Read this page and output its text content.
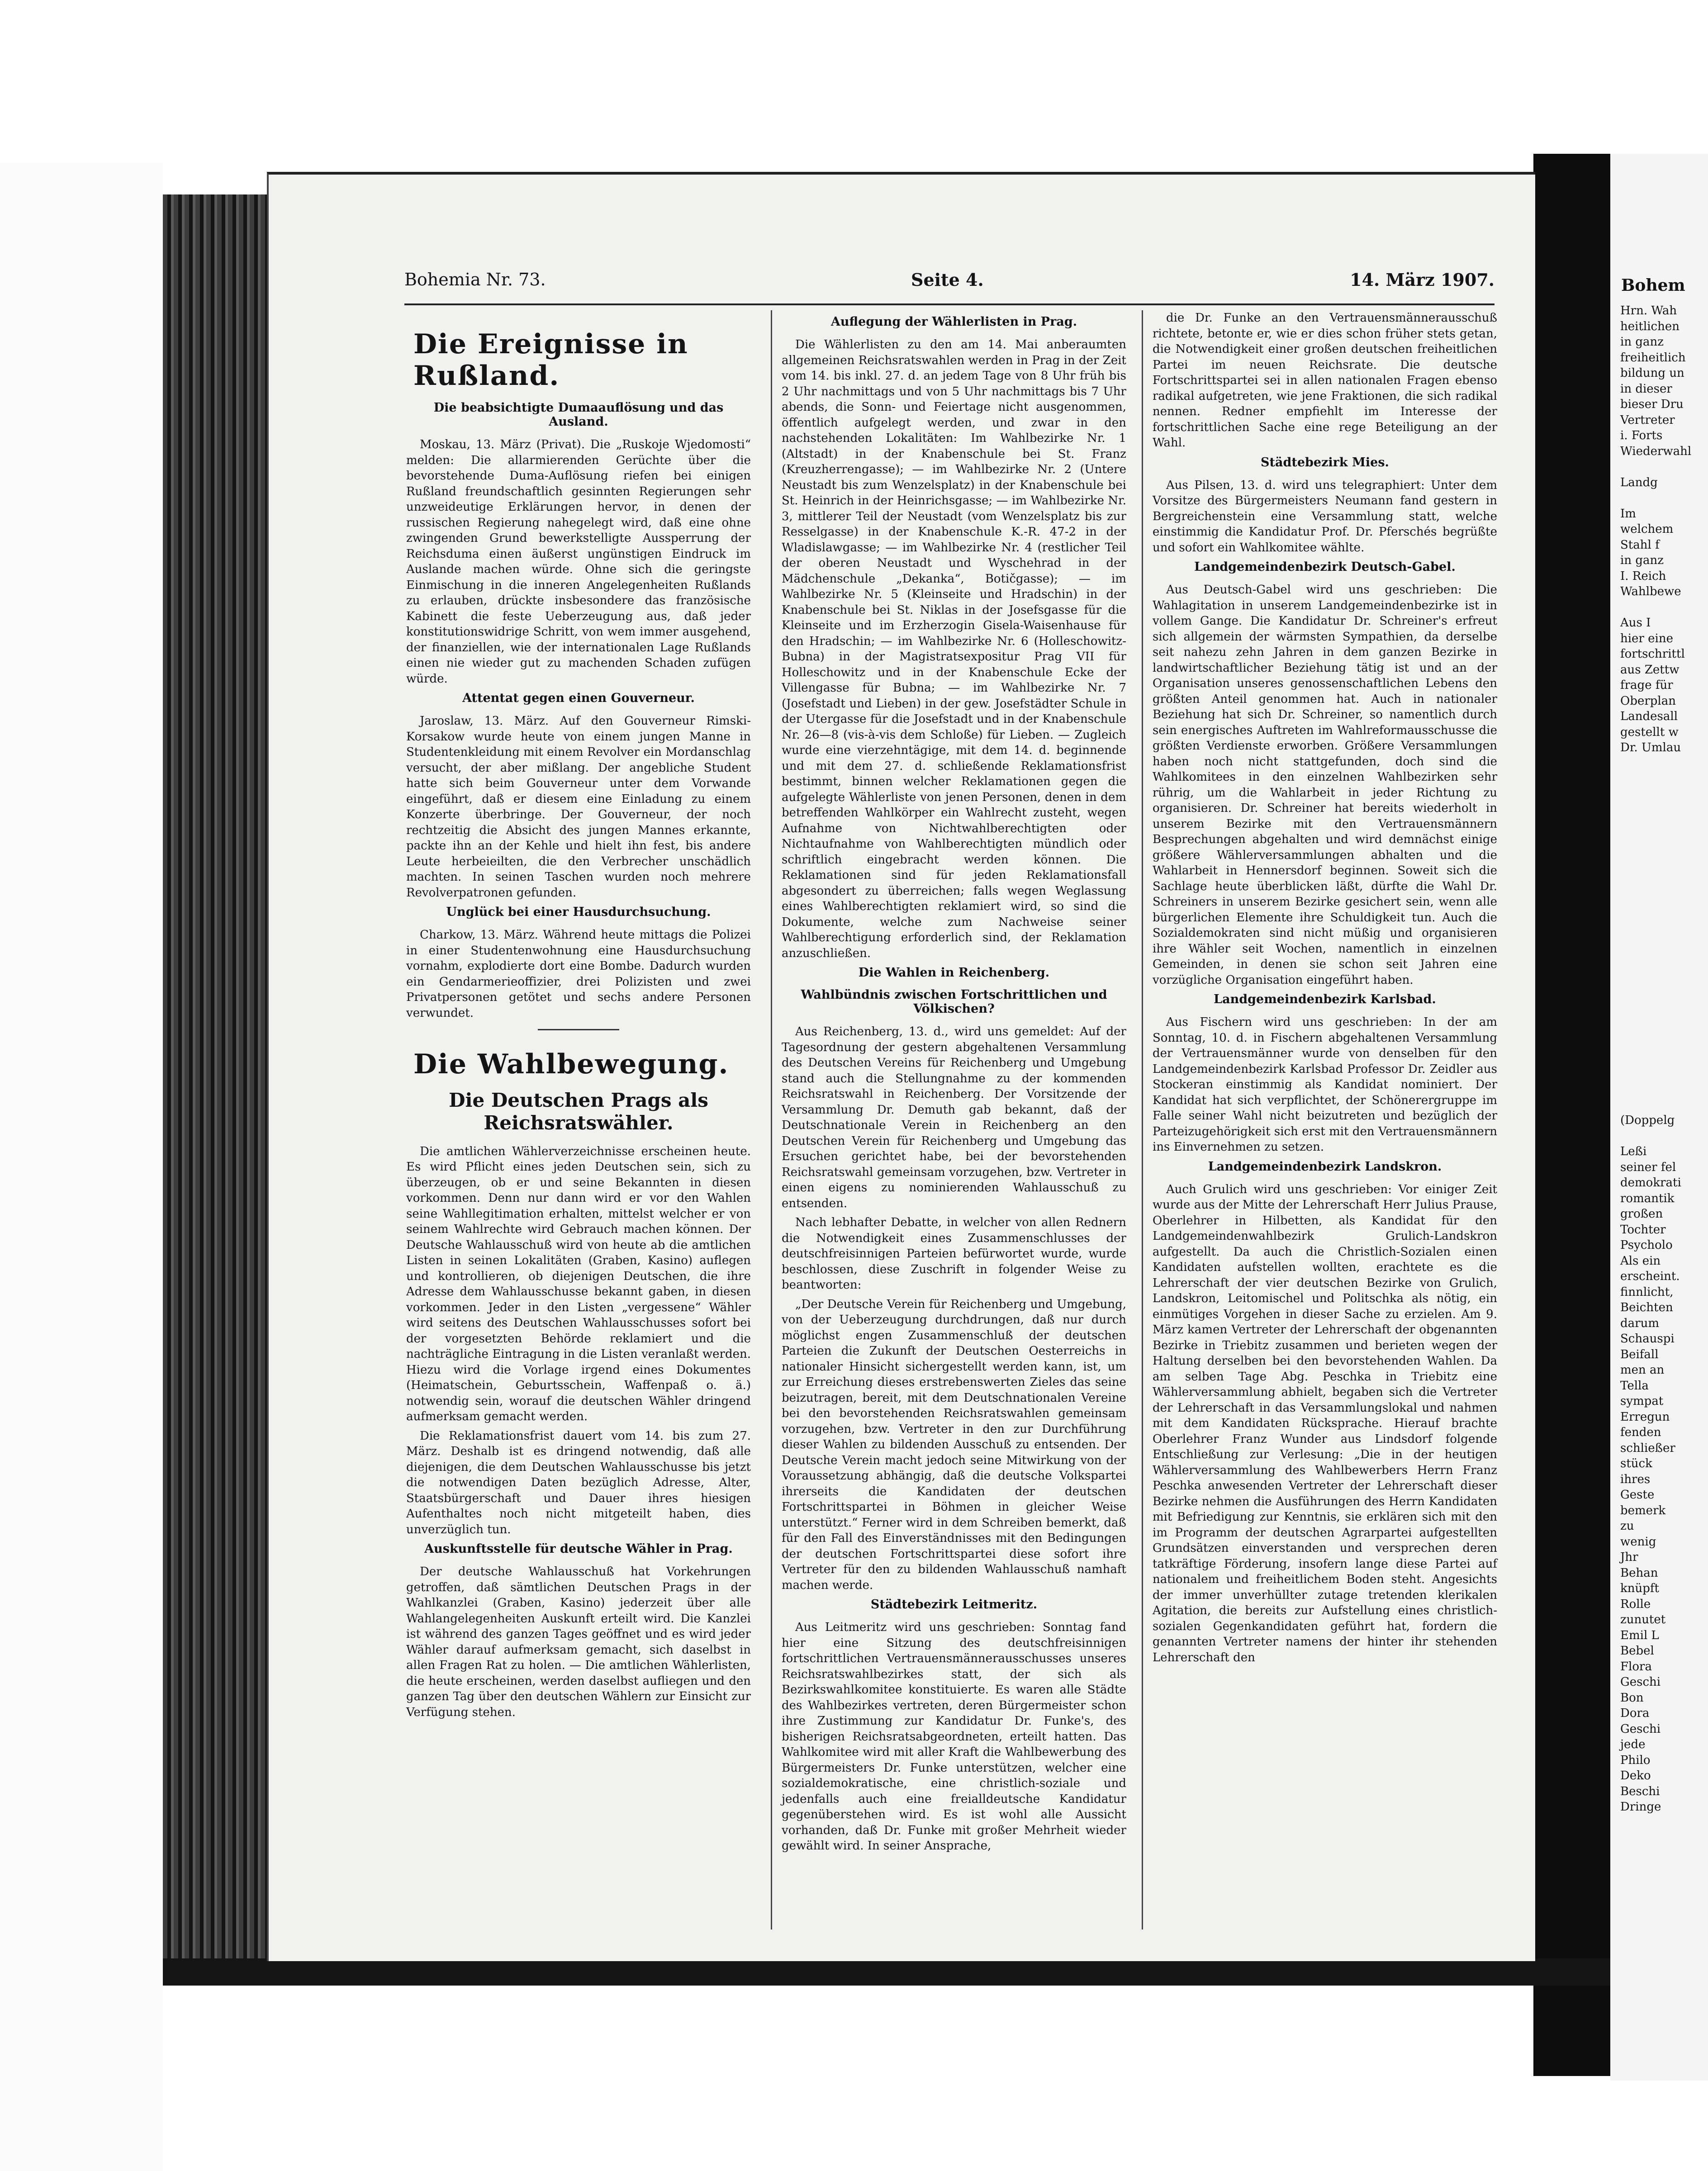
Bohem
Hrn. Wah
heitlichen
in ganz
freiheitlich
bildung un
in dieser
bieser Dru
Vertreter
i. Forts
Wiederwahl

Landg

Im
welchem
Stahl f
in ganz
I. Reich
Wahlbewe

Aus I
hier eine
fortschrittl
aus Zettw
frage für
Oberplan
Landesall
gestellt w
Dr. Umlau
(Doppelg

Leßi
seiner fel
demokrati
romantik
großen
Tochter
Psycholo
Als ein
erscheint.
finnlicht,
Beichten
darum
Schauspi
Beifall
men an
Tella
sympat
Erregun
fenden
schließer
stück
ihres
Geste
bemerk
zu
wenig
Jhr
Behan
knüpft
Rolle
zunutet
Emil L
Bebel
Flora
Geschi
Bon
Dora
Geschi
jede
Philo
Deko
Beschi
Dringe
Bohemia Nr. 73.	Seite 4.	14. März 1907.
Die Ereignisse in Rußland.
Die beabsichtigte Dumaauflösung und das Ausland.

Moskau, 13. März (Privat). Die „Ruskoje Wjedomosti“ melden: Die allarmierenden Gerüchte über die bevorstehende Duma-Auflösung riefen bei einigen Rußland freundschaftlich gesinnten Regierungen sehr unzweideutige Erklärungen hervor, in denen der russischen Regierung nahegelegt wird, daß eine ohne zwingenden Grund bewerkstelligte Aussperrung der Reichsduma einen äußerst ungünstigen Eindruck im Auslande machen würde. Ohne sich die geringste Einmischung in die inneren Angelegenheiten Rußlands zu erlauben, drückte insbesondere das französische Kabinett die feste Ueberzeugung aus, daß jeder konstitutionswidrige Schritt, von wem immer ausgehend, der finanziellen, wie der internationalen Lage Rußlands einen nie wieder gut zu machenden Schaden zufügen würde.

Attentat gegen einen Gouverneur.

Jaroslaw, 13. März. Auf den Gouverneur Rimski-Korsakow wurde heute von einem jungen Manne in Studentenkleidung mit einem Revolver ein Mordanschlag versucht, der aber mißlang. Der angebliche Student hatte sich beim Gouverneur unter dem Vorwande eingeführt, daß er diesem eine Einladung zu einem Konzerte überbringe. Der Gouverneur, der noch rechtzeitig die Absicht des jungen Mannes erkannte, packte ihn an der Kehle und hielt ihn fest, bis andere Leute herbeieilten, die den Verbrecher unschädlich machten. In seinen Taschen wurden noch mehrere Revolverpatronen gefunden.

Unglück bei einer Hausdurchsuchung.

Charkow, 13. März. Während heute mittags die Polizei in einer Studentenwohnung eine Hausdurchsuchung vornahm, explodierte dort eine Bombe. Dadurch wurden ein Gendarmerieoffizier, drei Polizisten und zwei Privatpersonen getötet und sechs andere Personen verwundet.

Die Wahlbewegung.
Die Deutschen Prags als Reichsratswähler.

Die amtlichen Wählerverzeichnisse erscheinen heute. Es wird Pflicht eines jeden Deutschen sein, sich zu überzeugen, ob er und seine Bekannten in diesen vorkommen. Denn nur dann wird er vor den Wahlen seine Wahllegitimation erhalten, mittelst welcher er von seinem Wahlrechte wird Gebrauch machen können. Der Deutsche Wahlausschuß wird von heute ab die amtlichen Listen in seinen Lokalitäten (Graben, Kasino) auflegen und kontrollieren, ob diejenigen Deutschen, die ihre Adresse dem Wahlausschusse bekannt gaben, in diesen vorkommen. Jeder in den Listen „vergessene“ Wähler wird seitens des Deutschen Wahlausschusses sofort bei der vorgesetzten Behörde reklamiert und die nachträgliche Eintragung in die Listen veranlaßt werden. Hiezu wird die Vorlage irgend eines Dokumentes (Heimatschein, Geburtsschein, Waffenpaß o. ä.) notwendig sein, worauf die deutschen Wähler dringend aufmerksam gemacht werden.

Die Reklamationsfrist dauert vom 14. bis zum 27. März. Deshalb ist es dringend notwendig, daß alle diejenigen, die dem Deutschen Wahlausschusse bis jetzt die notwendigen Daten bezüglich Adresse, Alter, Staatsbürgerschaft und Dauer ihres hiesigen Aufenthaltes noch nicht mitgeteilt haben, dies unverzüglich tun.

Auskunftsstelle für deutsche Wähler in Prag.

Der deutsche Wahlausschuß hat Vorkehrungen getroffen, daß sämtlichen Deutschen Prags in der Wahlkanzlei (Graben, Kasino) jederzeit über alle Wahlangelegenheiten Auskunft erteilt wird. Die Kanzlei ist während des ganzen Tages geöffnet und es wird jeder Wähler darauf aufmerksam gemacht, sich daselbst in allen Fragen Rat zu holen. — Die amtlichen Wählerlisten, die heute erscheinen, werden daselbst aufliegen und den ganzen Tag über den deutschen Wählern zur Einsicht zur Verfügung stehen.

Auflegung der Wählerlisten in Prag.

Die Wählerlisten zu den am 14. Mai anberaumten allgemeinen Reichsratswahlen werden in Prag in der Zeit vom 14. bis inkl. 27. d. an jedem Tage von 8 Uhr früh bis 2 Uhr nachmittags und von 5 Uhr nachmittags bis 7 Uhr abends, die Sonn- und Feiertage nicht ausgenommen, öffentlich aufgelegt werden, und zwar in den nachstehenden Lokalitäten: Im Wahlbezirke Nr. 1 (Altstadt) in der Knabenschule bei St. Franz (Kreuzherrengasse); — im Wahlbezirke Nr. 2 (Untere Neustadt bis zum Wenzelsplatz) in der Knabenschule bei St. Heinrich in der Heinrichsgasse; — im Wahlbezirke Nr. 3, mittlerer Teil der Neustadt (vom Wenzelsplatz bis zur Resselgasse) in der Knabenschule K.-R. 47-2 in der Wladislawgasse; — im Wahlbezirke Nr. 4 (restlicher Teil der oberen Neustadt und Wyschehrad in der Mädchenschule „Dekanka“, Botičgasse); — im Wahlbezirke Nr. 5 (Kleinseite und Hradschin) in der Knabenschule bei St. Niklas in der Josefsgasse für die Kleinseite und im Erzherzogin Gisela-Waisenhause für den Hradschin; — im Wahlbezirke Nr. 6 (Holleschowitz-Bubna) in der Magistratsexpositur Prag VII für Holleschowitz und in der Knabenschule Ecke der Villengasse für Bubna; — im Wahlbezirke Nr. 7 (Josefstadt und Lieben) in der gew. Josefstädter Schule in der Utergasse für die Josefstadt und in der Knabenschule Nr. 26—8 (vis-à-vis dem Schloße) für Lieben. — Zugleich wurde eine vierzehntägige, mit dem 14. d. beginnende und mit dem 27. d. schließende Reklamationsfrist bestimmt, binnen welcher Reklamationen gegen die aufgelegte Wählerliste von jenen Personen, denen in dem betreffenden Wahlkörper ein Wahlrecht zusteht, wegen Aufnahme von Nichtwahlberechtigten oder Nichtaufnahme von Wahlberechtigten mündlich oder schriftlich eingebracht werden können. Die Reklamationen sind für jeden Reklamationsfall abgesondert zu überreichen; falls wegen Weglassung eines Wahlberechtigten reklamiert wird, so sind die Dokumente, welche zum Nachweise seiner Wahlberechtigung erforderlich sind, der Reklamation anzuschließen.

Die Wahlen in Reichenberg.
Wahlbündnis zwischen Fortschrittlichen und Völkischen?

Aus Reichenberg, 13. d., wird uns gemeldet: Auf der Tagesordnung der gestern abgehaltenen Versammlung des Deutschen Vereins für Reichenberg und Umgebung stand auch die Stellungnahme zu der kommenden Reichsratswahl in Reichenberg. Der Vorsitzende der Versammlung Dr. Demuth gab bekannt, daß der Deutschnationale Verein in Reichenberg an den Deutschen Verein für Reichenberg und Umgebung das Ersuchen gerichtet habe, bei der bevorstehenden Reichsratswahl gemeinsam vorzugehen, bzw. Vertreter in einen eigens zu nominierenden Wahlausschuß zu entsenden.

Nach lebhafter Debatte, in welcher von allen Rednern die Notwendigkeit eines Zusammenschlusses der deutschfreisinnigen Parteien befürwortet wurde, wurde beschlossen, diese Zuschrift in folgender Weise zu beantworten:

„Der Deutsche Verein für Reichenberg und Umgebung, von der Ueberzeugung durchdrungen, daß nur durch möglichst engen Zusammenschluß der deutschen Parteien die Zukunft der Deutschen Oesterreichs in nationaler Hinsicht sichergestellt werden kann, ist, um zur Erreichung dieses erstrebenswerten Zieles das seine beizutragen, bereit, mit dem Deutschnationalen Vereine bei den bevorstehenden Reichsratswahlen gemeinsam vorzugehen, bzw. Vertreter in den zur Durchführung dieser Wahlen zu bildenden Ausschuß zu entsenden. Der Deutsche Verein macht jedoch seine Mitwirkung von der Voraussetzung abhängig, daß die deutsche Volkspartei ihrerseits die Kandidaten der deutschen Fortschrittspartei in Böhmen in gleicher Weise unterstützt.“ Ferner wird in dem Schreiben bemerkt, daß für den Fall des Einverständnisses mit den Bedingungen der deutschen Fortschrittspartei diese sofort ihre Vertreter für den zu bildenden Wahlausschuß namhaft machen werde.

Städtebezirk Leitmeritz.

Aus Leitmeritz wird uns geschrieben: Sonntag fand hier eine Sitzung des deutschfreisinnigen fortschrittlichen Vertrauensmännerausschusses unseres Reichsratswahlbezirkes statt, der sich als Bezirkswahlkomitee konstituierte. Es waren alle Städte des Wahlbezirkes vertreten, deren Bürgermeister schon ihre Zustimmung zur Kandidatur Dr. Funke's, des bisherigen Reichsratsabgeordneten, erteilt hatten. Das Wahlkomitee wird mit aller Kraft die Wahlbewerbung des Bürgermeisters Dr. Funke unterstützen, welcher eine sozialdemokratische, eine christlich-soziale und jedenfalls auch eine freialldeutsche Kandidatur gegenüberstehen wird. Es ist wohl alle Aussicht vorhanden, daß Dr. Funke mit großer Mehrheit wieder gewählt wird. In seiner Ansprache,

die Dr. Funke an den Vertrauensmännerausschuß richtete, betonte er, wie er dies schon früher stets getan, die Notwendigkeit einer großen deutschen freiheitlichen Partei im neuen Reichsrate. Die deutsche Fortschrittspartei sei in allen nationalen Fragen ebenso radikal aufgetreten, wie jene Fraktionen, die sich radikal nennen. Redner empfiehlt im Interesse der fortschrittlichen Sache eine rege Beteiligung an der Wahl.

Städtebezirk Mies.

Aus Pilsen, 13. d. wird uns telegraphiert: Unter dem Vorsitze des Bürgermeisters Neumann fand gestern in Bergreichenstein eine Versammlung statt, welche einstimmig die Kandidatur Prof. Dr. Pferschés begrüßte und sofort ein Wahlkomitee wählte.

Landgemeindenbezirk Deutsch-Gabel.

Aus Deutsch-Gabel wird uns geschrieben: Die Wahlagitation in unserem Landgemeindenbezirke ist in vollem Gange. Die Kandidatur Dr. Schreiner's erfreut sich allgemein der wärmsten Sympathien, da derselbe seit nahezu zehn Jahren in dem ganzen Bezirke in landwirtschaftlicher Beziehung tätig ist und an der Organisation unseres genossenschaftlichen Lebens den größten Anteil genommen hat. Auch in nationaler Beziehung hat sich Dr. Schreiner, so namentlich durch sein energisches Auftreten im Wahlreformausschusse die größten Verdienste erworben. Größere Versammlungen haben noch nicht stattgefunden, doch sind die Wahlkomitees in den einzelnen Wahlbezirken sehr rührig, um die Wahlarbeit in jeder Richtung zu organisieren. Dr. Schreiner hat bereits wiederholt in unserem Bezirke mit den Vertrauensmännern Besprechungen abgehalten und wird demnächst einige größere Wählerversammlungen abhalten und die Wahlarbeit in Hennersdorf beginnen. Soweit sich die Sachlage heute überblicken läßt, dürfte die Wahl Dr. Schreiners in unserem Bezirke gesichert sein, wenn alle bürgerlichen Elemente ihre Schuldigkeit tun. Auch die Sozialdemokraten sind nicht müßig und organisieren ihre Wähler seit Wochen, namentlich in einzelnen Gemeinden, in denen sie schon seit Jahren eine vorzügliche Organisation eingeführt haben.

Landgemeindenbezirk Karlsbad.

Aus Fischern wird uns geschrieben: In der am Sonntag, 10. d. in Fischern abgehaltenen Versammlung der Vertrauensmänner wurde von denselben für den Landgemeindenbezirk Karlsbad Professor Dr. Zeidler aus Stockeran einstimmig als Kandidat nominiert. Der Kandidat hat sich verpflichtet, der Schönerergruppe im Falle seiner Wahl nicht beizutreten und bezüglich der Parteizugehörigkeit sich erst mit den Vertrauensmännern ins Einvernehmen zu setzen.

Landgemeindenbezirk Landskron.

Auch Grulich wird uns geschrieben: Vor einiger Zeit wurde aus der Mitte der Lehrerschaft Herr Julius Prause, Oberlehrer in Hilbetten, als Kandidat für den Landgemeindenwahlbezirk Grulich-Landskron aufgestellt. Da auch die Christlich-Sozialen einen Kandidaten aufstellen wollten, erachtete es die Lehrerschaft der vier deutschen Bezirke von Grulich, Landskron, Leitomischel und Politschka als nötig, ein einmütiges Vorgehen in dieser Sache zu erzielen. Am 9. März kamen Vertreter der Lehrerschaft der obgenannten Bezirke in Triebitz zusammen und berieten wegen der Haltung derselben bei den bevorstehenden Wahlen. Da am selben Tage Abg. Peschka in Triebitz eine Wählerversammlung abhielt, begaben sich die Vertreter der Lehrerschaft in das Versammlungslokal und nahmen mit dem Kandidaten Rücksprache. Hierauf brachte Oberlehrer Franz Wunder aus Lindsdorf folgende Entschließung zur Verlesung: „Die in der heutigen Wählerversammlung des Wahlbewerbers Herrn Franz Peschka anwesenden Vertreter der Lehrerschaft dieser Bezirke nehmen die Ausführungen des Herrn Kandidaten mit Befriedigung zur Kenntnis, sie erklären sich mit den im Programm der deutschen Agrarpartei aufgestellten Grundsätzen einverstanden und versprechen deren tatkräftige Förderung, insofern lange diese Partei auf nationalem und freiheitlichem Boden steht. Angesichts der immer unverhüllter zutage tretenden klerikalen Agitation, die bereits zur Aufstellung eines christlich-sozialen Gegenkandidaten geführt hat, fordern die genannten Vertreter namens der hinter ihr stehenden Lehrerschaft den
